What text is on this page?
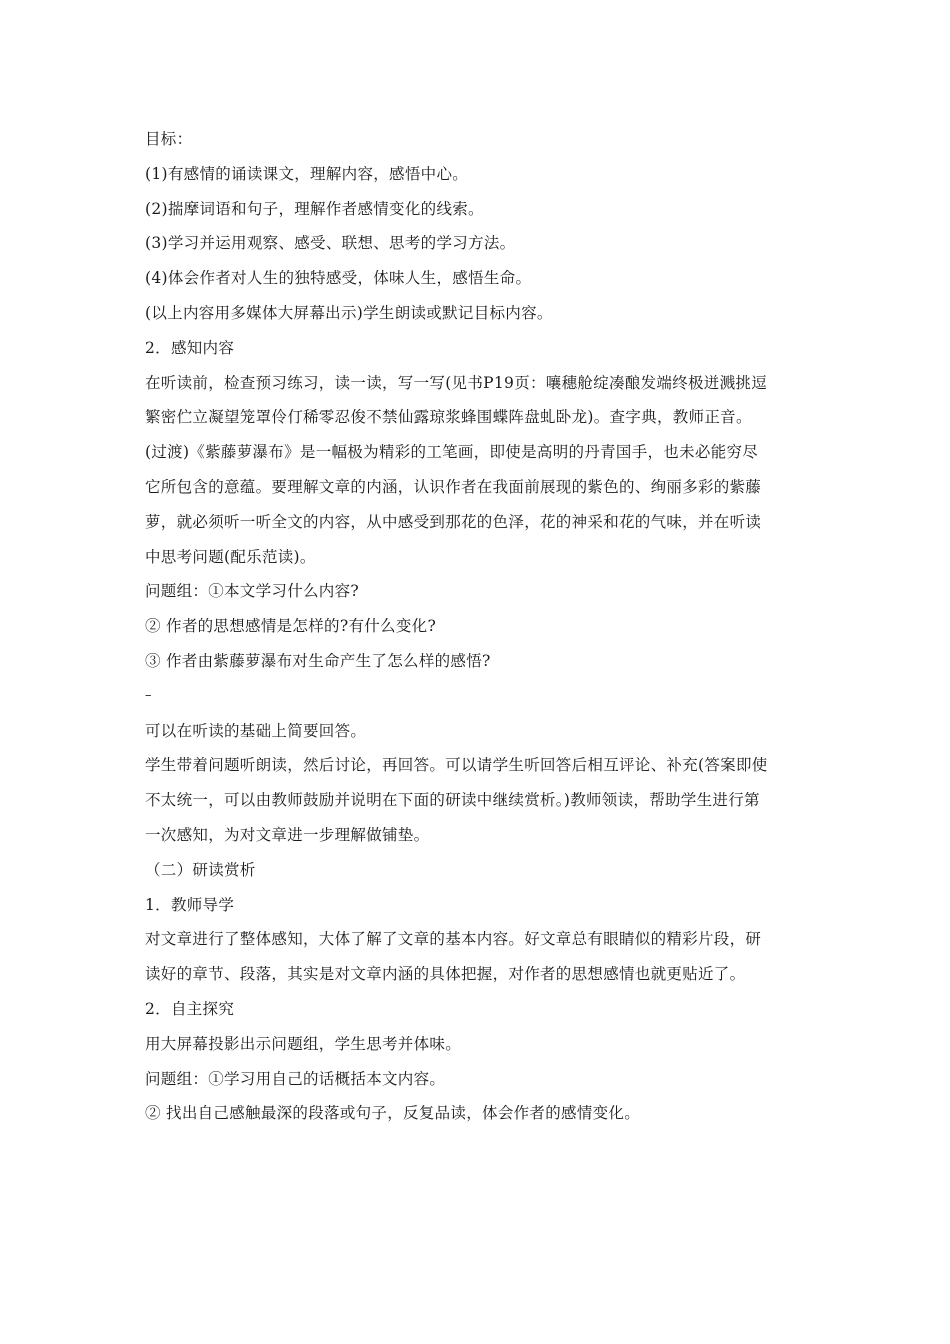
目标：
(1)有感情的诵读课文，理解内容，感悟中心。
(2)揣摩词语和句子，理解作者感情变化的线索。
(3)学习并运用观察、感受、联想、思考的学习方法。
(4)体会作者对人生的独特感受，体味人生，感悟生命。
(以上内容用多媒体大屏幕出示)学生朗读或默记目标内容。
2．感知内容
在听读前，检查预习练习，读一读，写一写(见书P19页：嚷穗舱绽凑酿发端终极迸溅挑逗
繁密伫立凝望笼罩伶仃稀零忍俊不禁仙露琼浆蜂围蝶阵盘虬卧龙)。查字典，教师正音。
(过渡)《紫藤萝瀑布》是一幅极为精彩的工笔画，即使是高明的丹青国手，也未必能穷尽
它所包含的意蕴。要理解文章的内涵，认识作者在我面前展现的紫色的、绚丽多彩的紫藤
萝，就必须听一听全文的内容，从中感受到那花的色泽，花的神采和花的气味，并在听读
中思考问题(配乐范读)。
问题组：①本文学习什么内容?
② 作者的思想感情是怎样的?有什么变化?
③ 作者由紫藤萝瀑布对生命产生了怎么样的感悟?
–
可以在听读的基础上简要回答。
学生带着问题听朗读，然后讨论，再回答。可以请学生听回答后相互评论、补充(答案即使
不太统一，可以由教师鼓励并说明在下面的研读中继续赏析。)教师领读，帮助学生进行第
一次感知，为对文章进一步理解做铺垫。
（二）研读赏析
1．教师导学
对文章进行了整体感知，大体了解了文章的基本内容。好文章总有眼睛似的精彩片段，研
读好的章节、段落，其实是对文章内涵的具体把握，对作者的思想感情也就更贴近了。
2．自主探究
用大屏幕投影出示问题组，学生思考并体味。
问题组：①学习用自己的话概括本文内容。
② 找出自己感触最深的段落或句子，反复品读，体会作者的感情变化。
